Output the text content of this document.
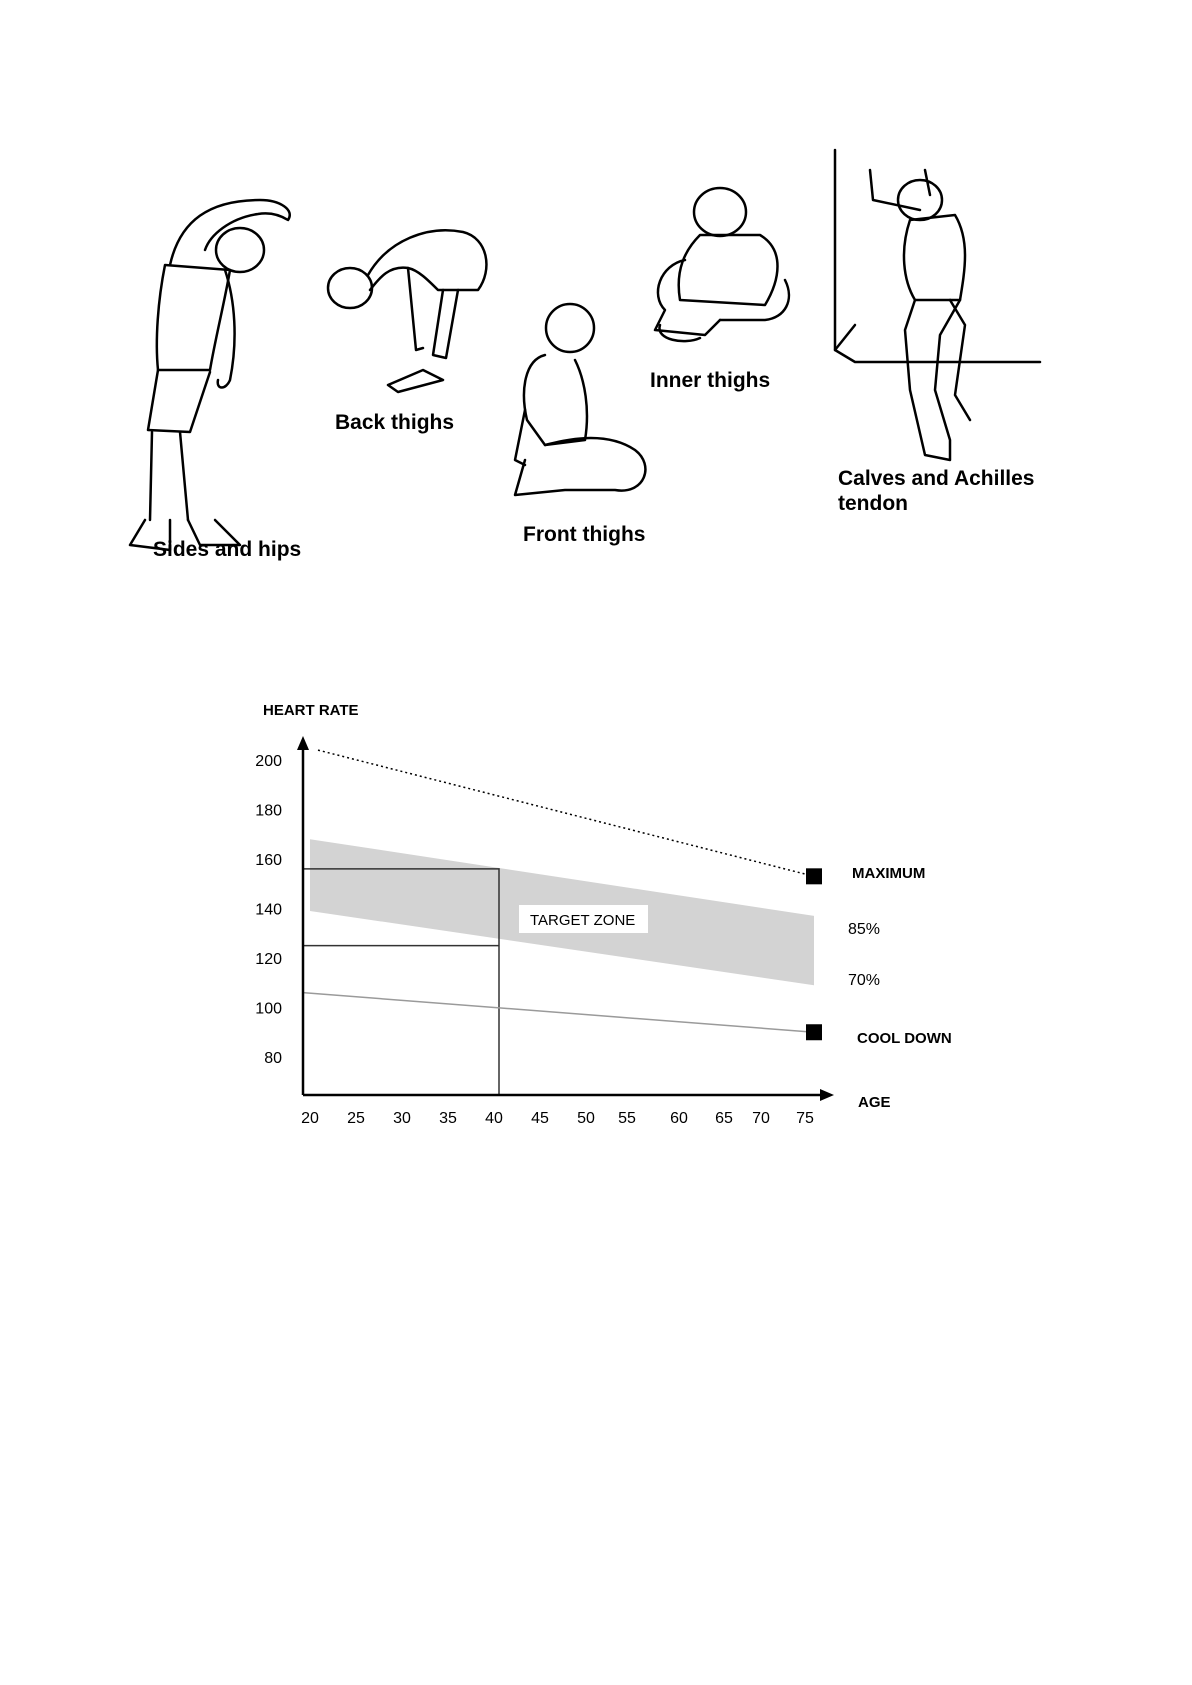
Sides and hips
Back thighs
Front thighs
Inner thighs
Calves and Achilles
tendon
80
100
120
140
160
180
200
20 25 30 35 40 45 50 55 60 65 70 75
HEART RATE
AGE
MAXIMUM
COOL DOWN
85%
70%
TARGET ZONE
